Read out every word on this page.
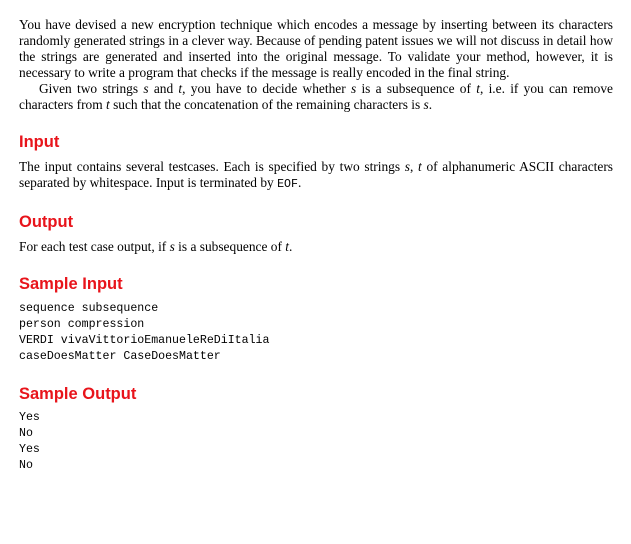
You have devised a new encryption technique which encodes a message by inserting between its characters randomly generated strings in a clever way. Because of pending patent issues we will not discuss in detail how the strings are generated and inserted into the original message. To validate your method, however, it is necessary to write a program that checks if the message is really encoded in the final string.

Given two strings s and t, you have to decide whether s is a subsequence of t, i.e. if you can remove characters from t such that the concatenation of the remaining characters is s.

Input

The input contains several testcases. Each is specified by two strings s, t of alphanumeric ASCII characters separated by whitespace. Input is terminated by EOF.

Output

For each test case output, if s is a subsequence of t.

Sample Input
sequence subsequence
person compression
VERDI vivaVittorioEmanueleReDiItalia
caseDoesMatter CaseDoesMatter
Sample Output
Yes
No
Yes
No
